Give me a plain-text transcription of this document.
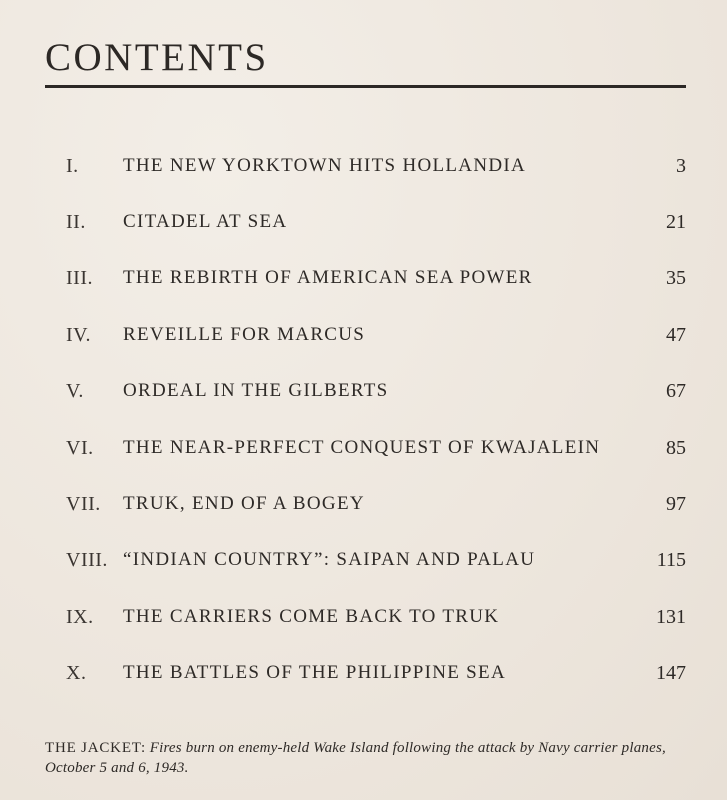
CONTENTS
I. THE NEW YORKTOWN HITS HOLLANDIA	3
II. CITADEL AT SEA	21
III. THE REBIRTH OF AMERICAN SEA POWER	35
IV. REVEILLE FOR MARCUS	47
V. ORDEAL IN THE GILBERTS	67
VI. THE NEAR-PERFECT CONQUEST OF KWAJALEIN	85
VII. TRUK, END OF A BOGEY	97
VIII. “INDIAN COUNTRY”: SAIPAN AND PALAU	115
IX. THE CARRIERS COME BACK TO TRUK	131
X. THE BATTLES OF THE PHILIPPINE SEA	147

THE JACKET: Fires burn on enemy-held Wake Island following the attack by Navy carrier planes, October 5 and 6, 1943.
